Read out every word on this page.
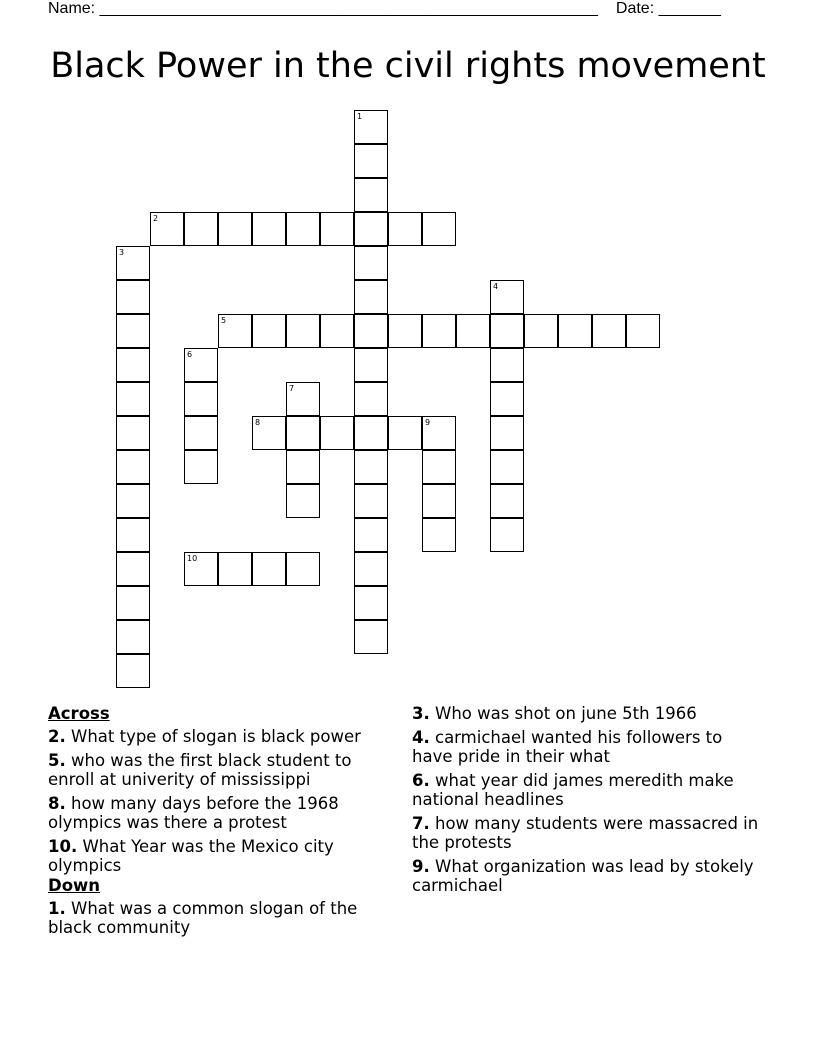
Name: ________________________________________________________ Date: _______
Black Power in the civil rights movement
1
2
3
4
5
6
7
8	9
10
Across
2. What type of slogan is black power
5. who was the first black student to enroll at univerity of mississippi
8. how many days before the 1968 olympics was there a protest
10. What Year was the Mexico city olympics
Down
1. What was a common slogan of the black community
3. Who was shot on june 5th 1966
4. carmichael wanted his followers to have pride in their what
6. what year did james meredith make national headlines
7. how many students were massacred in the protests
9. What organization was lead by stokely carmichael
